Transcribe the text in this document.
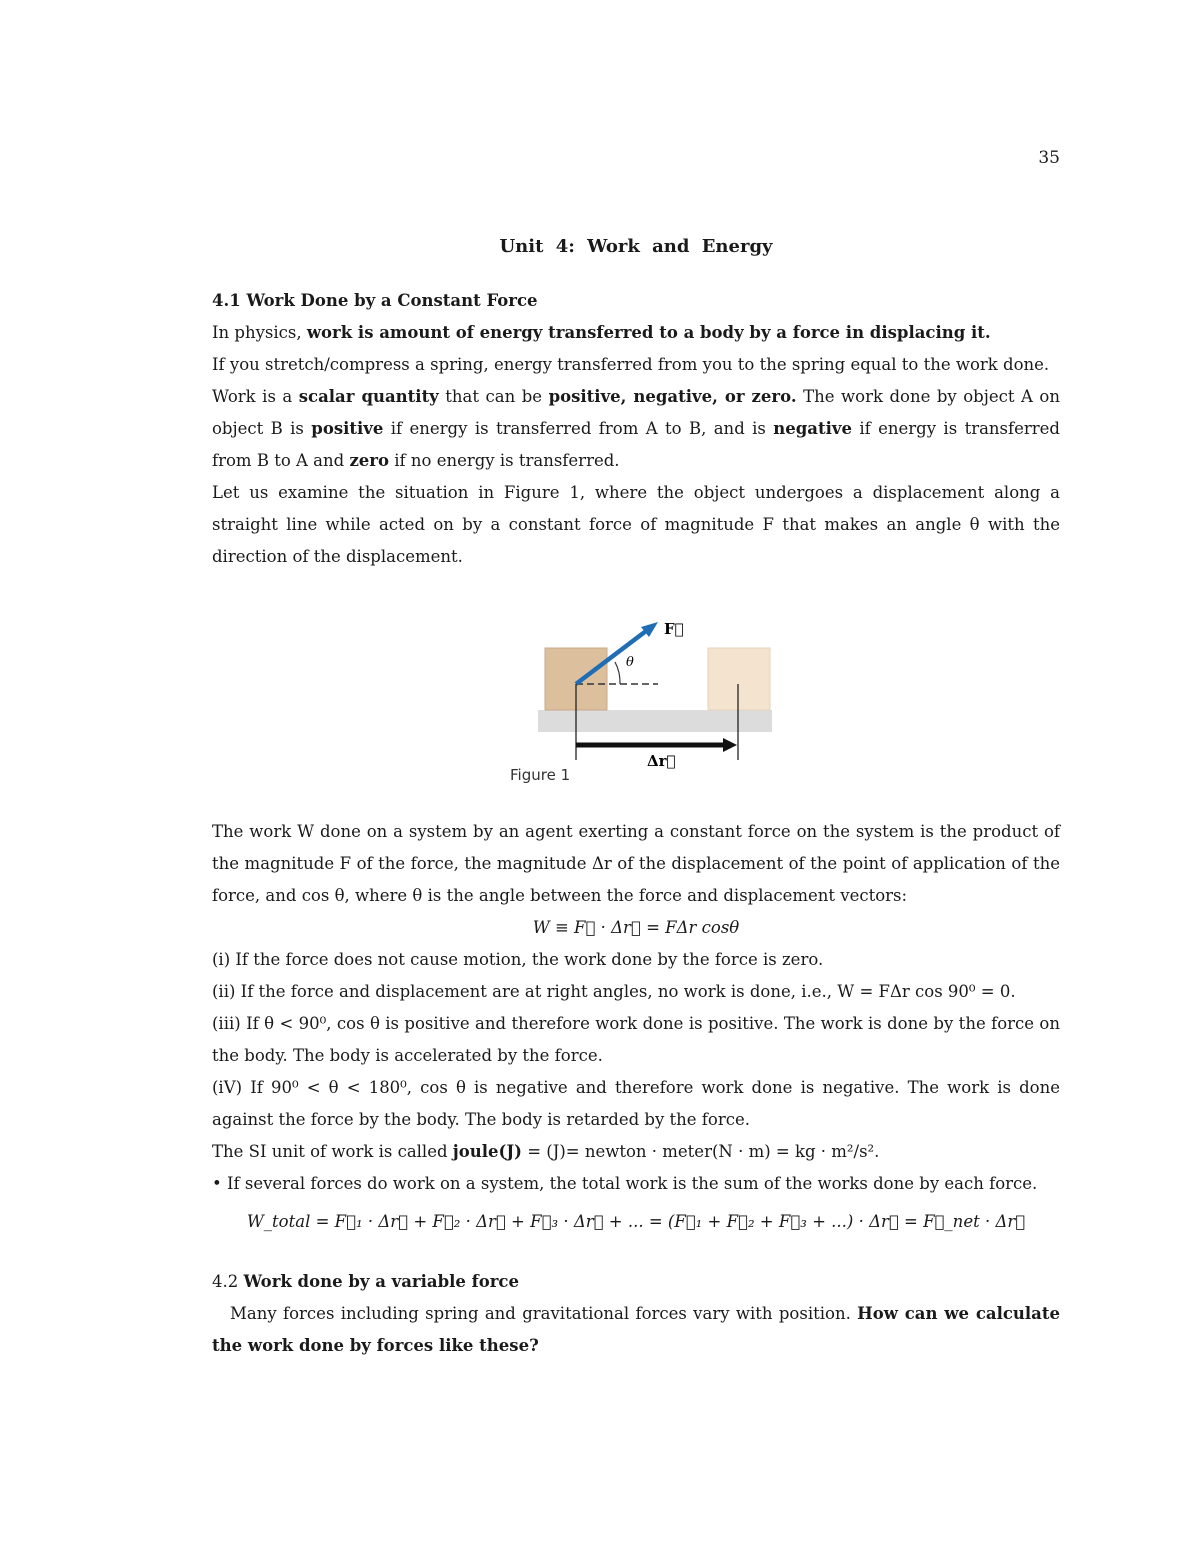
35
Unit 4: Work and Energy

4.1 Work Done by a Constant Force

In physics, work is amount of energy transferred to a body by a force in displacing it.

If you stretch/compress a spring, energy transferred from you to the spring equal to the work done.

Work is a scalar quantity that can be positive, negative, or zero. The work done by object A on object B is positive if energy is transferred from A to B, and is negative if energy is transferred from B to A and zero if no energy is transferred.

Let us examine the situation in Figure 1, where the object undergoes a displacement along a straight line while acted on by a constant force of magnitude F that makes an angle θ with the direction of the displacement.

F⃗
θ
Δr⃗
Figure 1

The work W done on a system by an agent exerting a constant force on the system is the product of the magnitude F of the force, the magnitude Δr of the displacement of the point of application of the force, and cos θ, where θ is the angle between the force and displacement vectors:

W ≡ F⃗ · Δr⃗ = FΔr cosθ

(i) If the force does not cause motion, the work done by the force is zero.

(ii) If the force and displacement are at right angles, no work is done, i.e., W = FΔr cos 90⁰ = 0.

(iii) If θ < 90⁰, cos θ is positive and therefore work done is positive. The work is done by the force on the body. The body is accelerated by the force.

(iV) If 90⁰ < θ < 180⁰, cos θ is negative and therefore work done is negative. The work is done against the force by the body. The body is retarded by the force.

The SI unit of work is called joule(J) = (J)= newton · meter(N · m) = kg · m²/s².

• If several forces do work on a system, the total work is the sum of the works done by each force.

W_total = F⃗₁ · Δr⃗ + F⃗₂ · Δr⃗ + F⃗₃ · Δr⃗ + ... = (F⃗₁ + F⃗₂ + F⃗₃ + ...) · Δr⃗ = F⃗_net · Δr⃗

4.2 Work done by a variable force

Many forces including spring and gravitational forces vary with position. How can we calculate the work done by forces like these?
